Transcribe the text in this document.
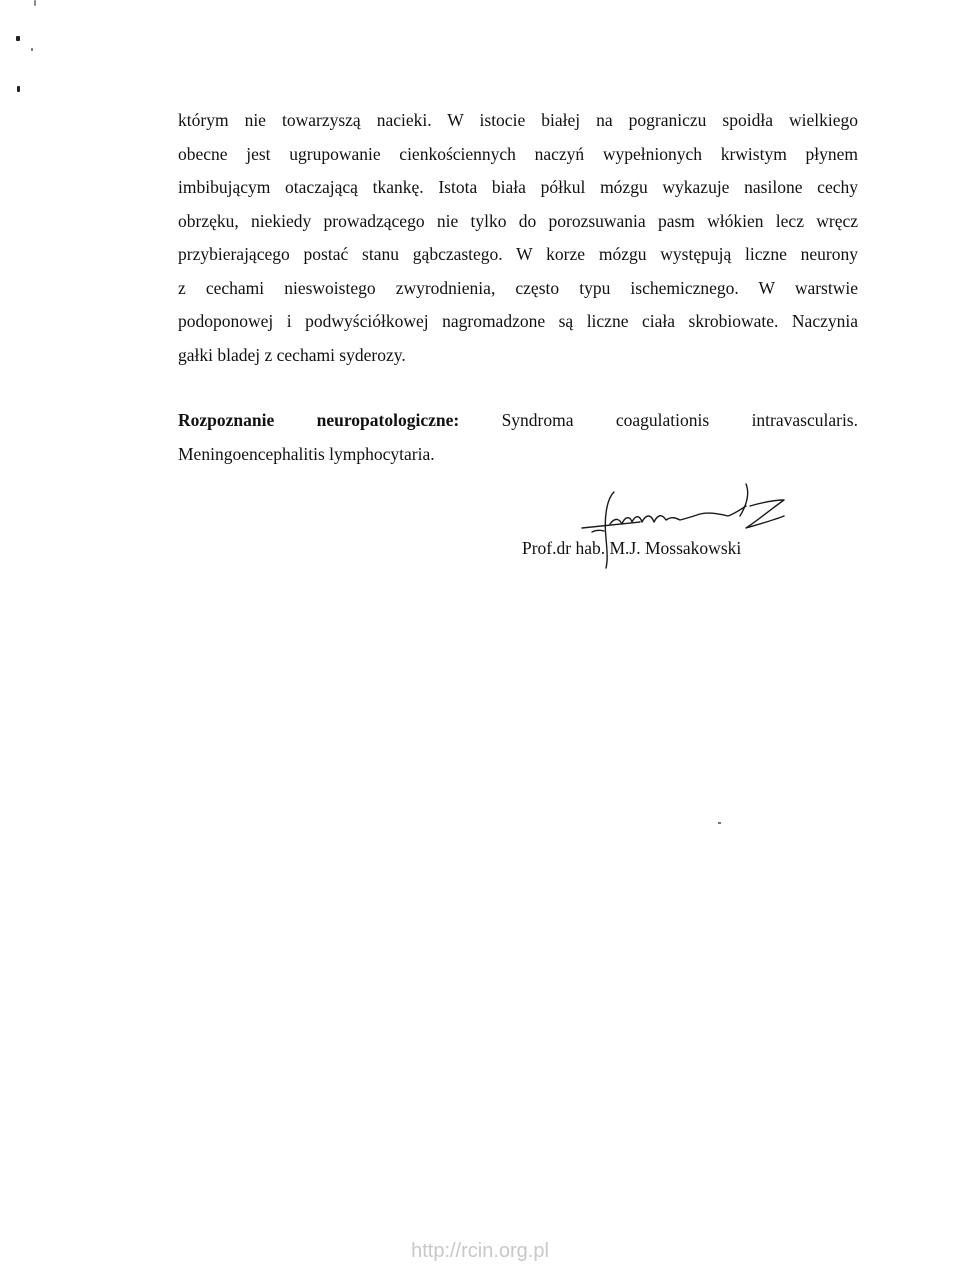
którym nie towarzyszą nacieki. W istocie białej na pograniczu spoidła wielkiego
obecne jest ugrupowanie cienkościennych naczyń wypełnionych krwistym płynem
imbibującym otaczającą tkankę. Istota biała półkul mózgu wykazuje nasilone cechy
obrzęku, niekiedy prowadzącego nie tylko do porozsuwania pasm włókien lecz wręcz
przybierającego postać stanu gąbczastego. W korze mózgu występują liczne neurony
z cechami nieswoistego zwyrodnienia, często typu ischemicznego. W warstwie
podoponowej i podwyściółkowej nagromadzone są liczne ciała skrobiowate. Naczynia
gałki bladej z cechami syderozy.
Rozpoznanie neuropatologiczne: Syndroma coagulationis intravascularis.
Meningoencephalitis lymphocytaria.
Prof.dr hab. M.J. Mossakowski
http://rcin.org.pl
